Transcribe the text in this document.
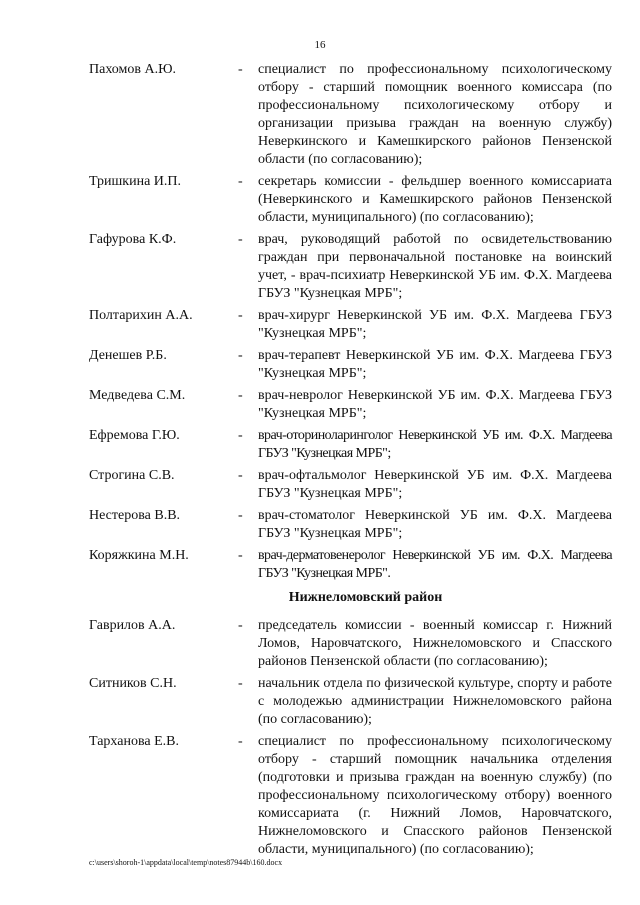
16
Пахомов А.Ю.	- специалист по профессиональному психологическому отбору - старший помощник военного комиссара (по профессиональному психологическому отбору и организации призыва граждан на военную службу) Неверкинского и Камешкирского районов Пензенской области (по согласованию);
Тришкина И.П.	- секретарь комиссии - фельдшер военного комиссариата (Неверкинского и Камешкирского районов Пензенской области, муниципального) (по согласованию);
Гафурова К.Ф.	- врач, руководящий работой по освидетельствованию граждан при первоначальной постановке на воинский учет, - врач-психиатр Неверкинской УБ им. Ф.Х. Магдеева ГБУЗ "Кузнецкая МРБ";
Полтарихин А.А.	- врач-хирург Неверкинской УБ им. Ф.Х. Магдеева ГБУЗ "Кузнецкая МРБ";
Денешев Р.Б.	- врач-терапевт Неверкинской УБ им. Ф.Х. Магдеева ГБУЗ "Кузнецкая МРБ";
Медведева С.М.	- врач-невролог Неверкинской УБ им. Ф.Х. Магдеева ГБУЗ "Кузнецкая МРБ";
Ефремова Г.Ю.	- врач-оториноларинголог Неверкинской УБ им. Ф.Х. Магдеева ГБУЗ "Кузнецкая МРБ";
Строгина С.В.	- врач-офтальмолог Неверкинской УБ им. Ф.Х. Магдеева ГБУЗ "Кузнецкая МРБ";
Нестерова В.В.	- врач-стоматолог Неверкинской УБ им. Ф.Х. Магдеева ГБУЗ "Кузнецкая МРБ";
Коряжкина М.Н.	- врач-дерматовенеролог Неверкинской УБ им. Ф.Х. Магдеева ГБУЗ "Кузнецкая МРБ".
Нижнеломовский район
Гаврилов А.А.	- председатель комиссии - военный комиссар г. Нижний Ломов, Наровчатского, Нижнеломовского и Спасского районов Пензенской области (по согласованию);
Ситников С.Н.	- начальник отдела по физической культуре, спорту и работе с молодежью администрации Нижнеломовского района (по согласованию);
Тарханова Е.В.	- специалист по профессиональному психологическому отбору - старший помощник начальника отделения (подготовки и призыва граждан на военную службу) (по профессиональному психологическому отбору) военного комиссариата (г. Нижний Ломов, Наровчатского, Нижнеломовского и Спасского районов Пензенской области, муниципального) (по согласованию);
c:\users\shoroh-1\appdata\local\temp\notes87944b\160.docx
